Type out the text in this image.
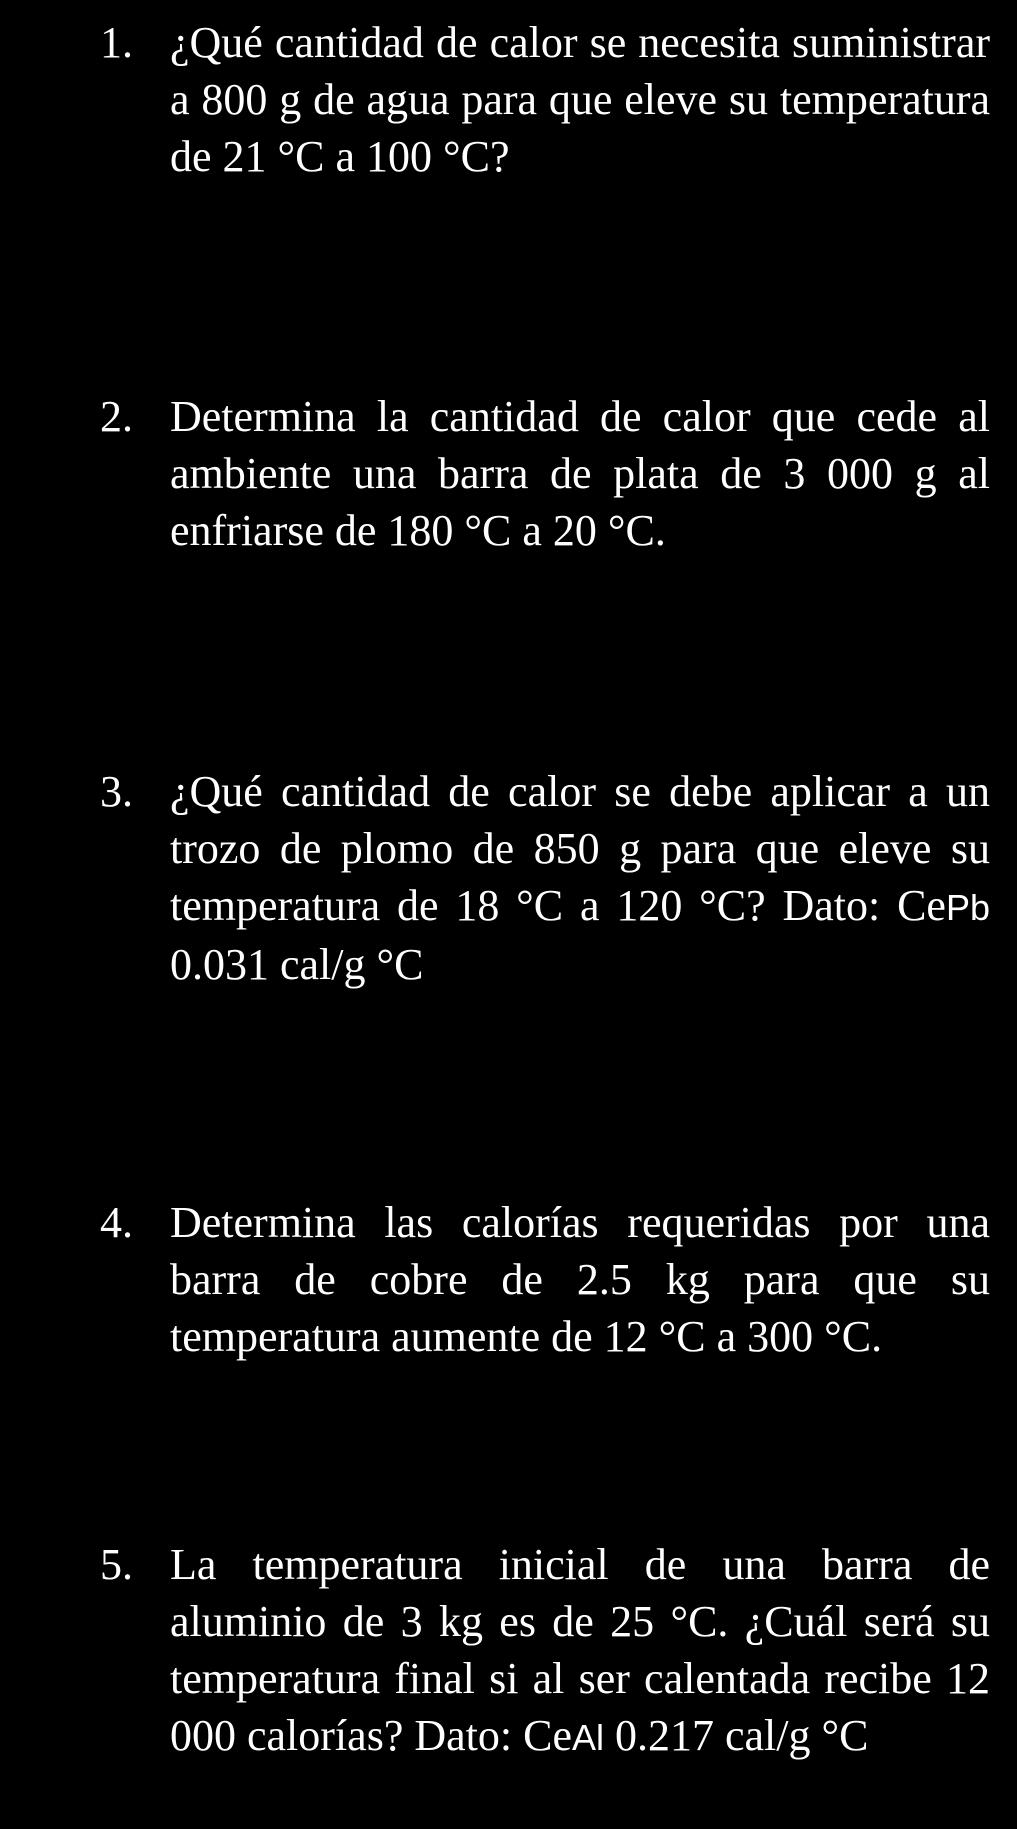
1. ¿Qué cantidad de calor se necesita suministrar a 800 g de agua para que eleve su temperatura de 21 °C a 100 °C?
2. Determina la cantidad de calor que cede al ambiente una barra de plata de 3 000 g al enfriarse de 180 °C a 20 °C.
3. ¿Qué cantidad de calor se debe aplicar a un trozo de plomo de 850 g para que eleve su temperatura de 18 °C a 120 °C? Dato: CePb 0.031 cal/g °C
4. Determina las calorías requeridas por una barra de cobre de 2.5 kg para que su temperatura aumente de 12 °C a 300 °C.
5. La temperatura inicial de una barra de aluminio de 3 kg es de 25 °C. ¿Cuál será su temperatura final si al ser calentada recibe 12 000 calorías? Dato: CeAl 0.217 cal/g °C
